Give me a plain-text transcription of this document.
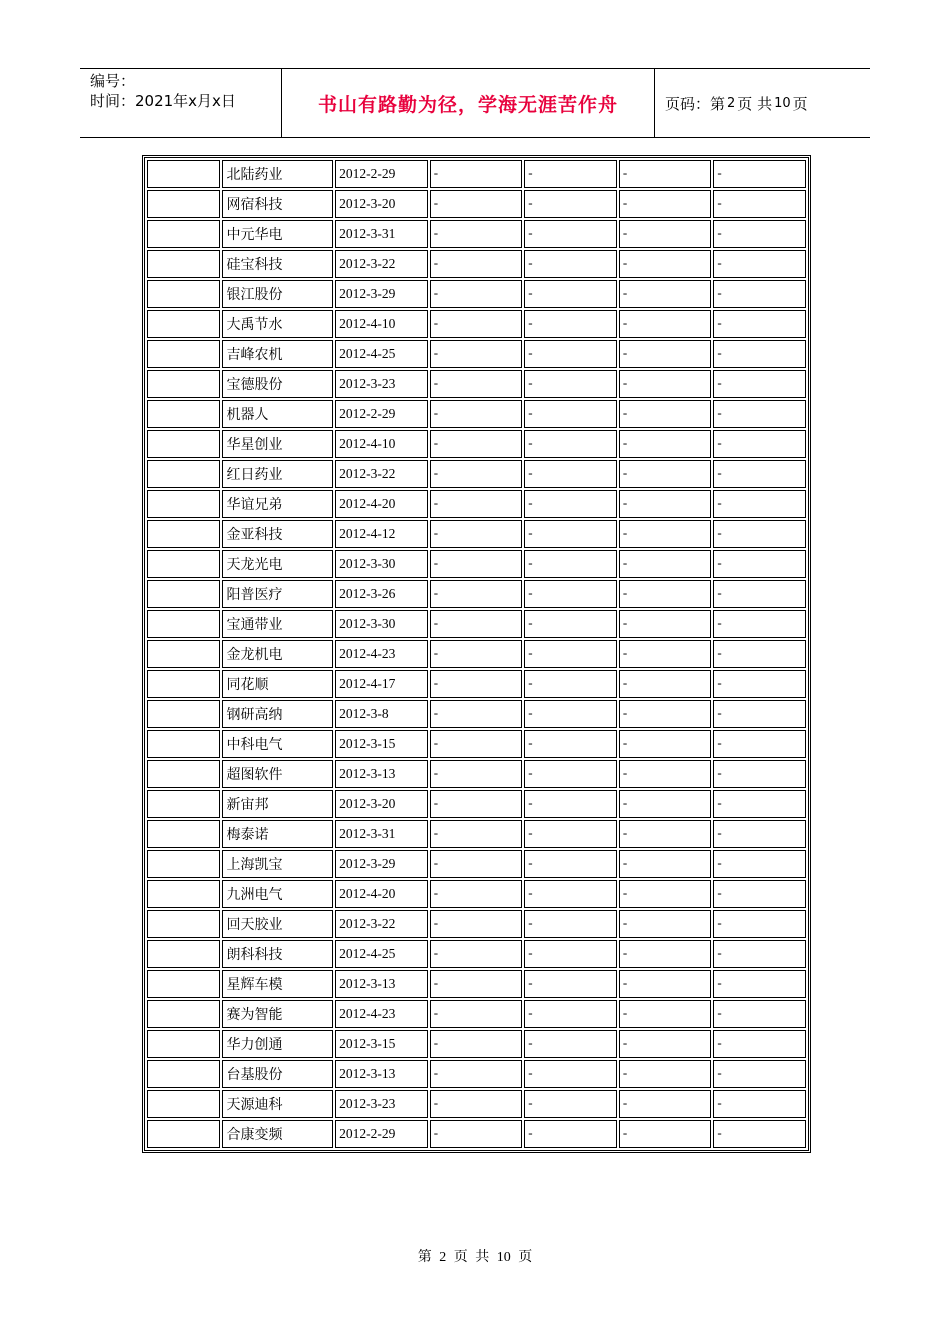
编号：
时间：2021年x月x日	书山有路勤为径，学海无涯苦作舟	页码：第 2 页 共 10 页
	北陆药业	2012-2-29	-	-	-	-
	网宿科技	2012-3-20	-	-	-	-
	中元华电	2012-3-31	-	-	-	-
	硅宝科技	2012-3-22	-	-	-	-
	银江股份	2012-3-29	-	-	-	-
	大禹节水	2012-4-10	-	-	-	-
	吉峰农机	2012-4-25	-	-	-	-
	宝德股份	2012-3-23	-	-	-	-
	机器人	2012-2-29	-	-	-	-
	华星创业	2012-4-10	-	-	-	-
	红日药业	2012-3-22	-	-	-	-
	华谊兄弟	2012-4-20	-	-	-	-
	金亚科技	2012-4-12	-	-	-	-
	天龙光电	2012-3-30	-	-	-	-
	阳普医疗	2012-3-26	-	-	-	-
	宝通带业	2012-3-30	-	-	-	-
	金龙机电	2012-4-23	-	-	-	-
	同花顺	2012-4-17	-	-	-	-
	钢研高纳	2012-3-8	-	-	-	-
	中科电气	2012-3-15	-	-	-	-
	超图软件	2012-3-13	-	-	-	-
	新宙邦	2012-3-20	-	-	-	-
	梅泰诺	2012-3-31	-	-	-	-
	上海凯宝	2012-3-29	-	-	-	-
	九洲电气	2012-4-20	-	-	-	-
	回天胶业	2012-3-22	-	-	-	-
	朗科科技	2012-4-25	-	-	-	-
	星辉车模	2012-3-13	-	-	-	-
	赛为智能	2012-4-23	-	-	-	-
	华力创通	2012-3-15	-	-	-	-
	台基股份	2012-3-13	-	-	-	-
	天源迪科	2012-3-23	-	-	-	-
	合康变频	2012-2-29	-	-	-	-
第 2 页 共 10 页
